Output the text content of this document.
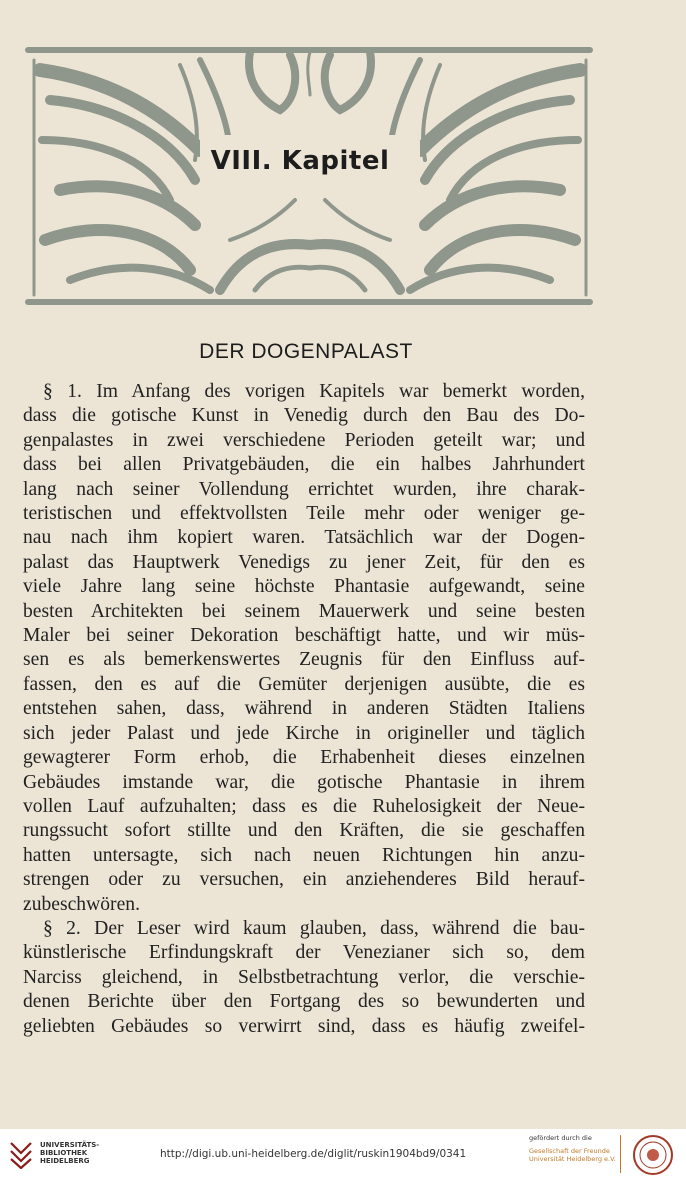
VIII. Kapitel
DER DOGENPALAST
§ 1. Im Anfang des vorigen Kapitels war bemerkt worden,
dass die gotische Kunst in Venedig durch den Bau des Do-
genpalastes in zwei verschiedene Perioden geteilt war; und
dass bei allen Privatgebäuden, die ein halbes Jahrhundert
lang nach seiner Vollendung errichtet wurden, ihre charak-
teristischen und effektvollsten Teile mehr oder weniger ge-
nau nach ihm kopiert waren. Tatsächlich war der Dogen-
palast das Hauptwerk Venedigs zu jener Zeit, für den es
viele Jahre lang seine höchste Phantasie aufgewandt, seine
besten Architekten bei seinem Mauerwerk und seine besten
Maler bei seiner Dekoration beschäftigt hatte, und wir müs-
sen es als bemerkenswertes Zeugnis für den Einfluss auf-
fassen, den es auf die Gemüter derjenigen ausübte, die es
entstehen sahen, dass, während in anderen Städten Italiens
sich jeder Palast und jede Kirche in origineller und täglich
gewagterer Form erhob, die Erhabenheit dieses einzelnen
Gebäudes imstande war, die gotische Phantasie in ihrem
vollen Lauf aufzuhalten; dass es die Ruhelosigkeit der Neue-
rungssucht sofort stillte und den Kräften, die sie geschaffen
hatten untersagte, sich nach neuen Richtungen hin anzu-
strengen oder zu versuchen, ein anziehenderes Bild herauf-
zubeschwören.
§ 2. Der Leser wird kaum glauben, dass, während die bau-
künstlerische Erfindungskraft der Venezianer sich so, dem
Narciss gleichend, in Selbstbetrachtung verlor, die verschie-
denen Berichte über den Fortgang des so bewunderten und
geliebten Gebäudes so verwirrt sind, dass es häufig zweifel-
UNIVERSITÄTS-
BIBLIOTHEK
HEIDELBERG
http://digi.ub.uni-heidelberg.de/diglit/ruskin1904bd9/0341
gefördert durch die
Gesellschaft der Freunde
Universität Heidelberg e.V.
